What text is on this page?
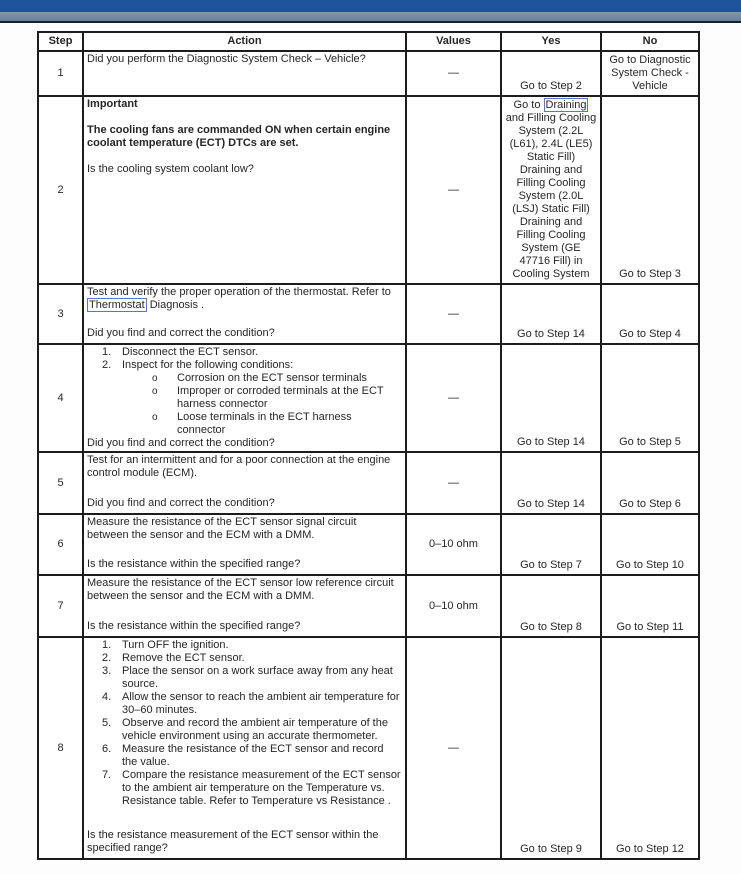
Step	Action	Values	Yes	No
1	Did you perform the Diagnostic System Check – Vehicle?	—	Go to Step 2	Go to Diagnostic System Check - Vehicle
2	
Important
The cooling fans are commanded ON when certain engine coolant temperature (ECT) DTCs are set.
Is the cooling system coolant low?
	—	Go to Draining and Filling Cooling System (2.2L (L61), 2.4L (LE5) Static Fill) Draining and Filling Cooling System (2.0L (LSJ) Static Fill) Draining and Filling Cooling System (GE 47716 Fill) in Cooling System	Go to Step 3
3	Test and verify the proper operation of the thermostat. Refer to Thermostat Diagnosis .
Did you find and correct the condition?	—	Go to Step 14	Go to Step 4
4	
1. Disconnect the ECT sensor.
2. Inspect for the following conditions:
o	Corrosion on the ECT sensor terminals
o	Improper or corroded terminals at the ECT harness connector
o	Loose terminals in the ECT harness connector
Did you find and correct the condition?
	—	Go to Step 14	Go to Step 5
5	Test for an intermittent and for a poor connection at the engine control module (ECM).
Did you find and correct the condition?	—	Go to Step 14	Go to Step 6
6	Measure the resistance of the ECT sensor signal circuit between the sensor and the ECM with a DMM.
Is the resistance within the specified range?	0–10 ohm	Go to Step 7	Go to Step 10
7	Measure the resistance of the ECT sensor low reference circuit between the sensor and the ECM with a DMM.
Is the resistance within the specified range?	0–10 ohm	Go to Step 8	Go to Step 11
8	
1. Turn OFF the ignition.
2. Remove the ECT sensor.
3. Place the sensor on a work surface away from any heat source.
4. Allow the sensor to reach the ambient air temperature for 30–60 minutes.
5. Observe and record the ambient air temperature of the vehicle environment using an accurate thermometer.
6. Measure the resistance of the ECT sensor and record the value.
7. Compare the resistance measurement of the ECT sensor to the ambient air temperature on the Temperature vs. Resistance table. Refer to Temperature vs Resistance .
Is the resistance measurement of the ECT sensor within the specified range?
	—	Go to Step 9	Go to Step 12
